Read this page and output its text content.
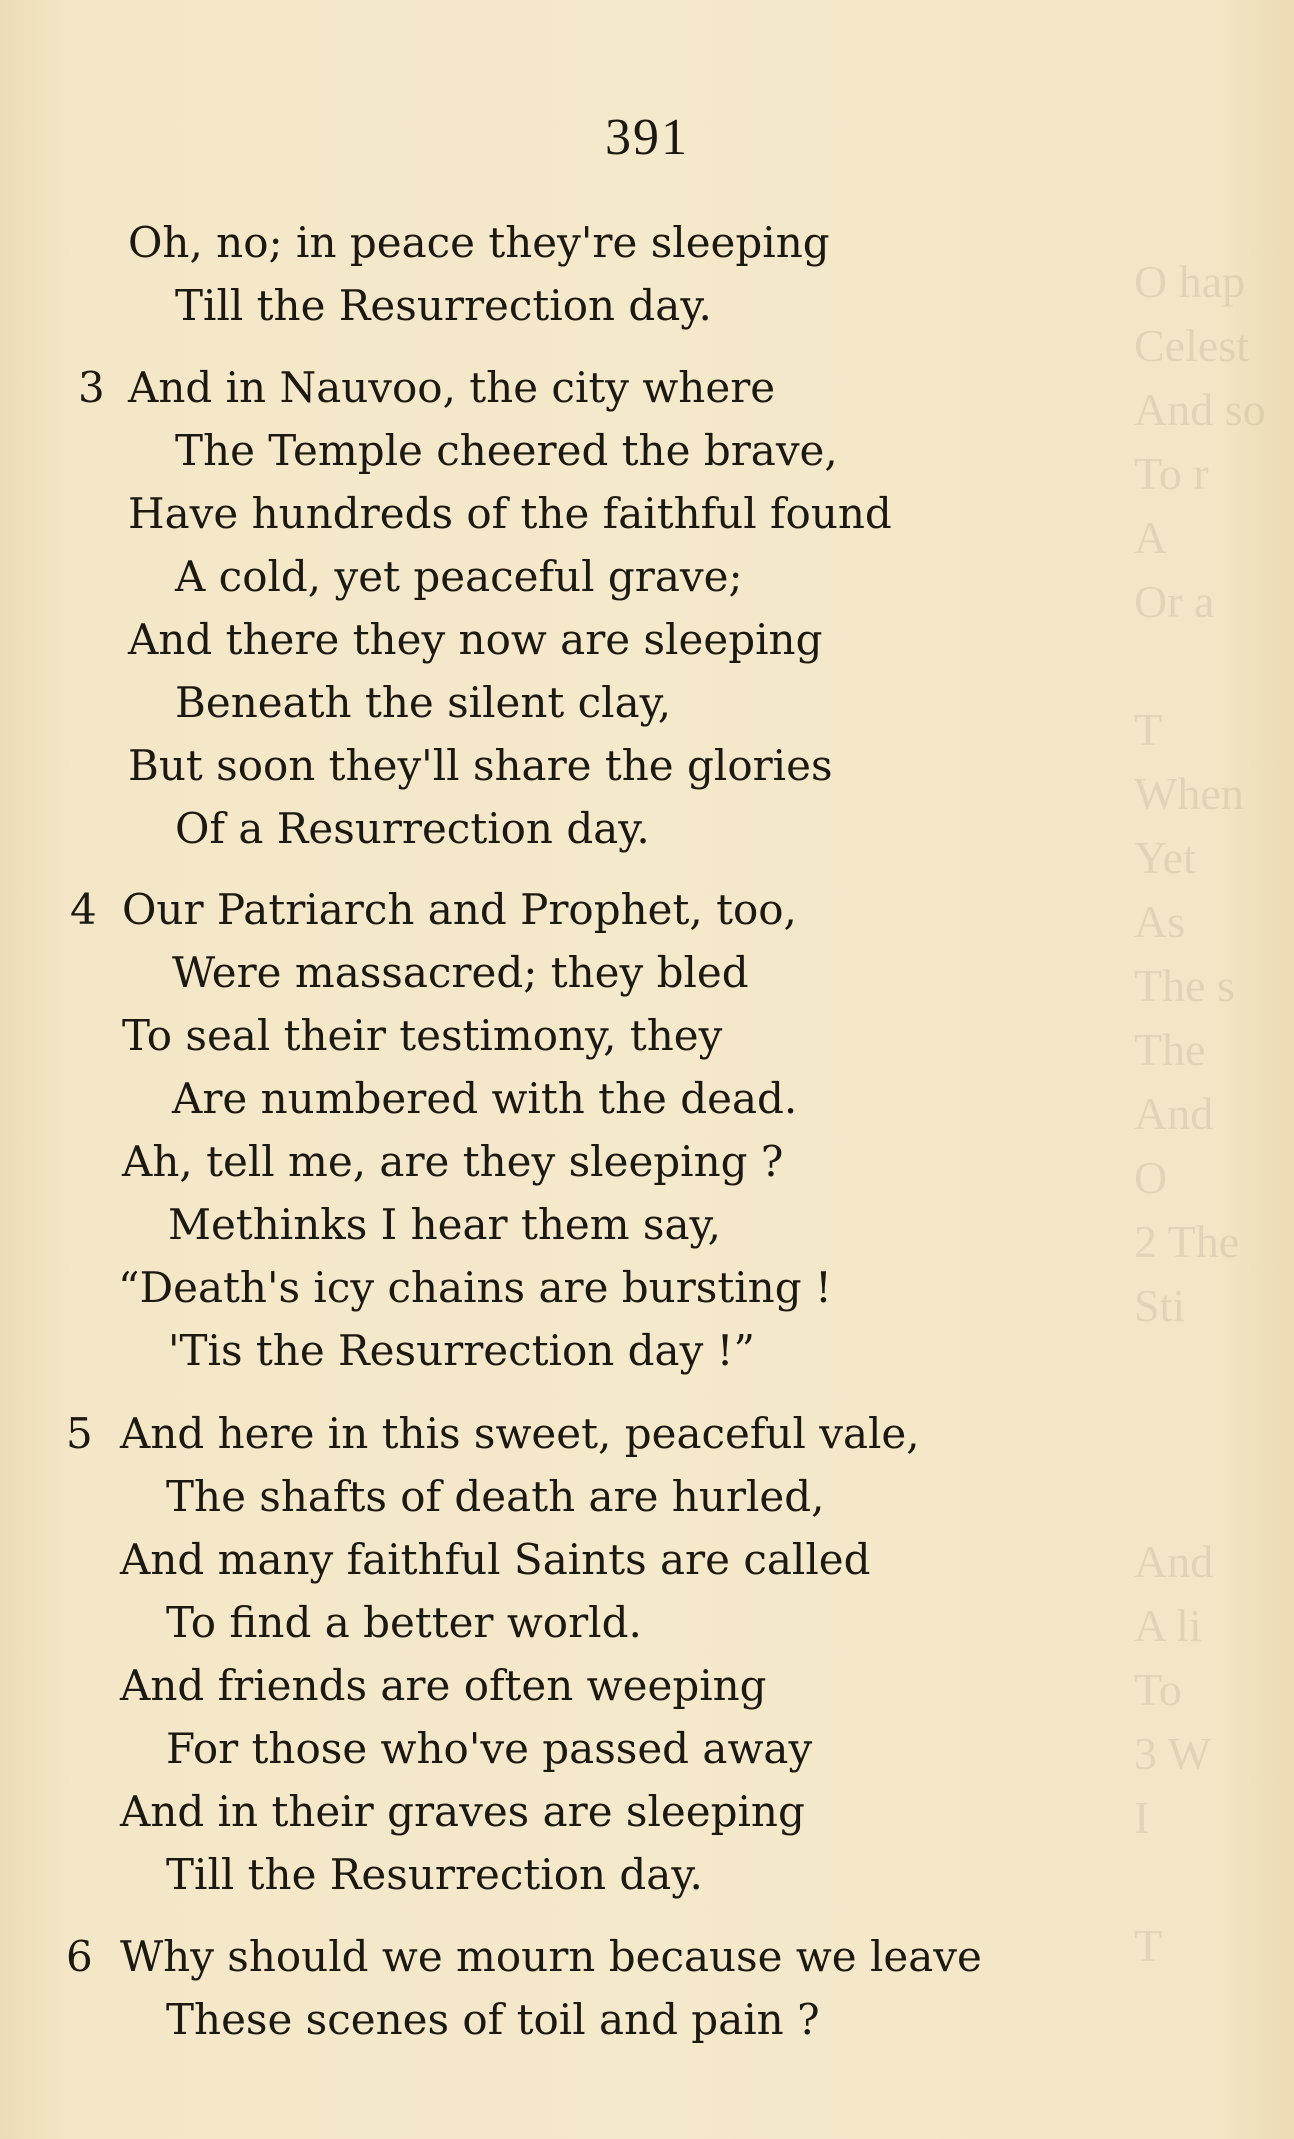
O hap
Celest
And so
To r
A
Or a

T
When
Yet
As
The s
The
And
O
2 The
Sti

And
A li
To
3 W
I

T
391
Oh, no; in peace they're sleeping
Till the Resurrection day.
3 And in Nauvoo, the city where
The Temple cheered the brave,
Have hundreds of the faithful found
A cold, yet peaceful grave;
And there they now are sleeping
Beneath the silent clay,
But soon they'll share the glories
Of a Resurrection day.
4 Our Patriarch and Prophet, too,
Were massacred; they bled
To seal their testimony, they
Are numbered with the dead.
Ah, tell me, are they sleeping ?
Methinks I hear them say,
“Death's icy chains are bursting !
'Tis the Resurrection day !”
5 And here in this sweet, peaceful vale,
The shafts of death are hurled,
And many faithful Saints are called
To find a better world.
And friends are often weeping
For those who've passed away
And in their graves are sleeping
Till the Resurrection day.
6 Why should we mourn because we leave
These scenes of toil and pain ?
